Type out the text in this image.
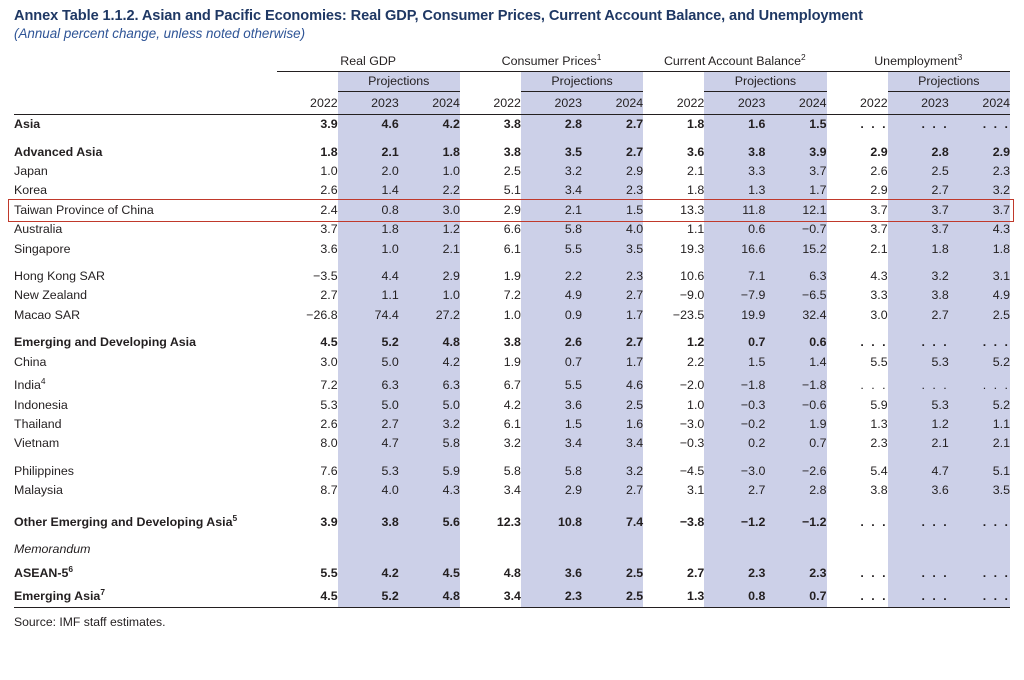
Annex Table 1.1.2. Asian and Pacific Economies: Real GDP, Consumer Prices, Current Account Balance, and Unemployment
(Annual percent change, unless noted otherwise)
	Real GDP			Consumer Prices$^1$			Current Account Balance$^2$			Unemployment$^3$
		Projections			Projections			Projections			Projections	
	2022	2023	2024	2022	2023	2024	2022	2023	2024	2022	2023	2024
Asia	3.9	4.6	4.2	3.8	2.8	2.7	1.8	1.6	1.5	. . .	. . .	. . .

Advanced Asia	1.8	2.1	1.8	3.8	3.5	2.7	3.6	3.8	3.9	2.9	2.8	2.9
Japan	1.0	2.0	1.0	2.5	3.2	2.9	2.1	3.3	3.7	2.6	2.5	2.3
Korea	2.6	1.4	2.2	5.1	3.4	2.3	1.8	1.3	1.7	2.9	2.7	3.2
Taiwan Province of China	2.4	0.8	3.0	2.9	2.1	1.5	13.3	11.8	12.1	3.7	3.7	3.7
Australia	3.7	1.8	1.2	6.6	5.8	4.0	1.1	0.6	−0.7	3.7	3.7	4.3
Singapore	3.6	1.0	2.1	6.1	5.5	3.5	19.3	16.6	15.2	2.1	1.8	1.8

Hong Kong SAR	−3.5	4.4	2.9	1.9	2.2	2.3	10.6	7.1	6.3	4.3	3.2	3.1
New Zealand	2.7	1.1	1.0	7.2	4.9	2.7	−9.0	−7.9	−6.5	3.3	3.8	4.9
Macao SAR	−26.8	74.4	27.2	1.0	0.9	1.7	−23.5	19.9	32.4	3.0	2.7	2.5

Emerging and Developing Asia	4.5	5.2	4.8	3.8	2.6	2.7	1.2	0.7	0.6	. . .	. . .	. . .
China	3.0	5.0	4.2	1.9	0.7	1.7	2.2	1.5	1.4	5.5	5.3	5.2
India$^4$	7.2	6.3	6.3	6.7	5.5	4.6	−2.0	−1.8	−1.8	. . .	. . .	. . .
Indonesia	5.3	5.0	5.0	4.2	3.6	2.5	1.0	−0.3	−0.6	5.9	5.3	5.2
Thailand	2.6	2.7	3.2	6.1	1.5	1.6	−3.0	−0.2	1.9	1.3	1.2	1.1
Vietnam	8.0	4.7	5.8	3.2	3.4	3.4	−0.3	0.2	0.7	2.3	2.1	2.1

Philippines	7.6	5.3	5.9	5.8	5.8	3.2	−4.5	−3.0	−2.6	5.4	4.7	5.1
Malaysia	8.7	4.0	4.3	3.4	2.9	2.7	3.1	2.7	2.8	3.8	3.6	3.5

Other Emerging and Developing Asia$^5$	3.9	3.8	5.6	12.3	10.8	7.4	−3.8	−1.2	−1.2	. . .	. . .	. . .

Memorandum												
ASEAN-$5^6$	5.5	4.2	4.5	4.8	3.6	2.5	2.7	2.3	2.3	. . .	. . .	. . .
Emerging Asia$^7$	4.5	5.2	4.8	3.4	2.3	2.5	1.3	0.8	0.7	. . .	. . .	. . .
Source: IMF staff estimates.
